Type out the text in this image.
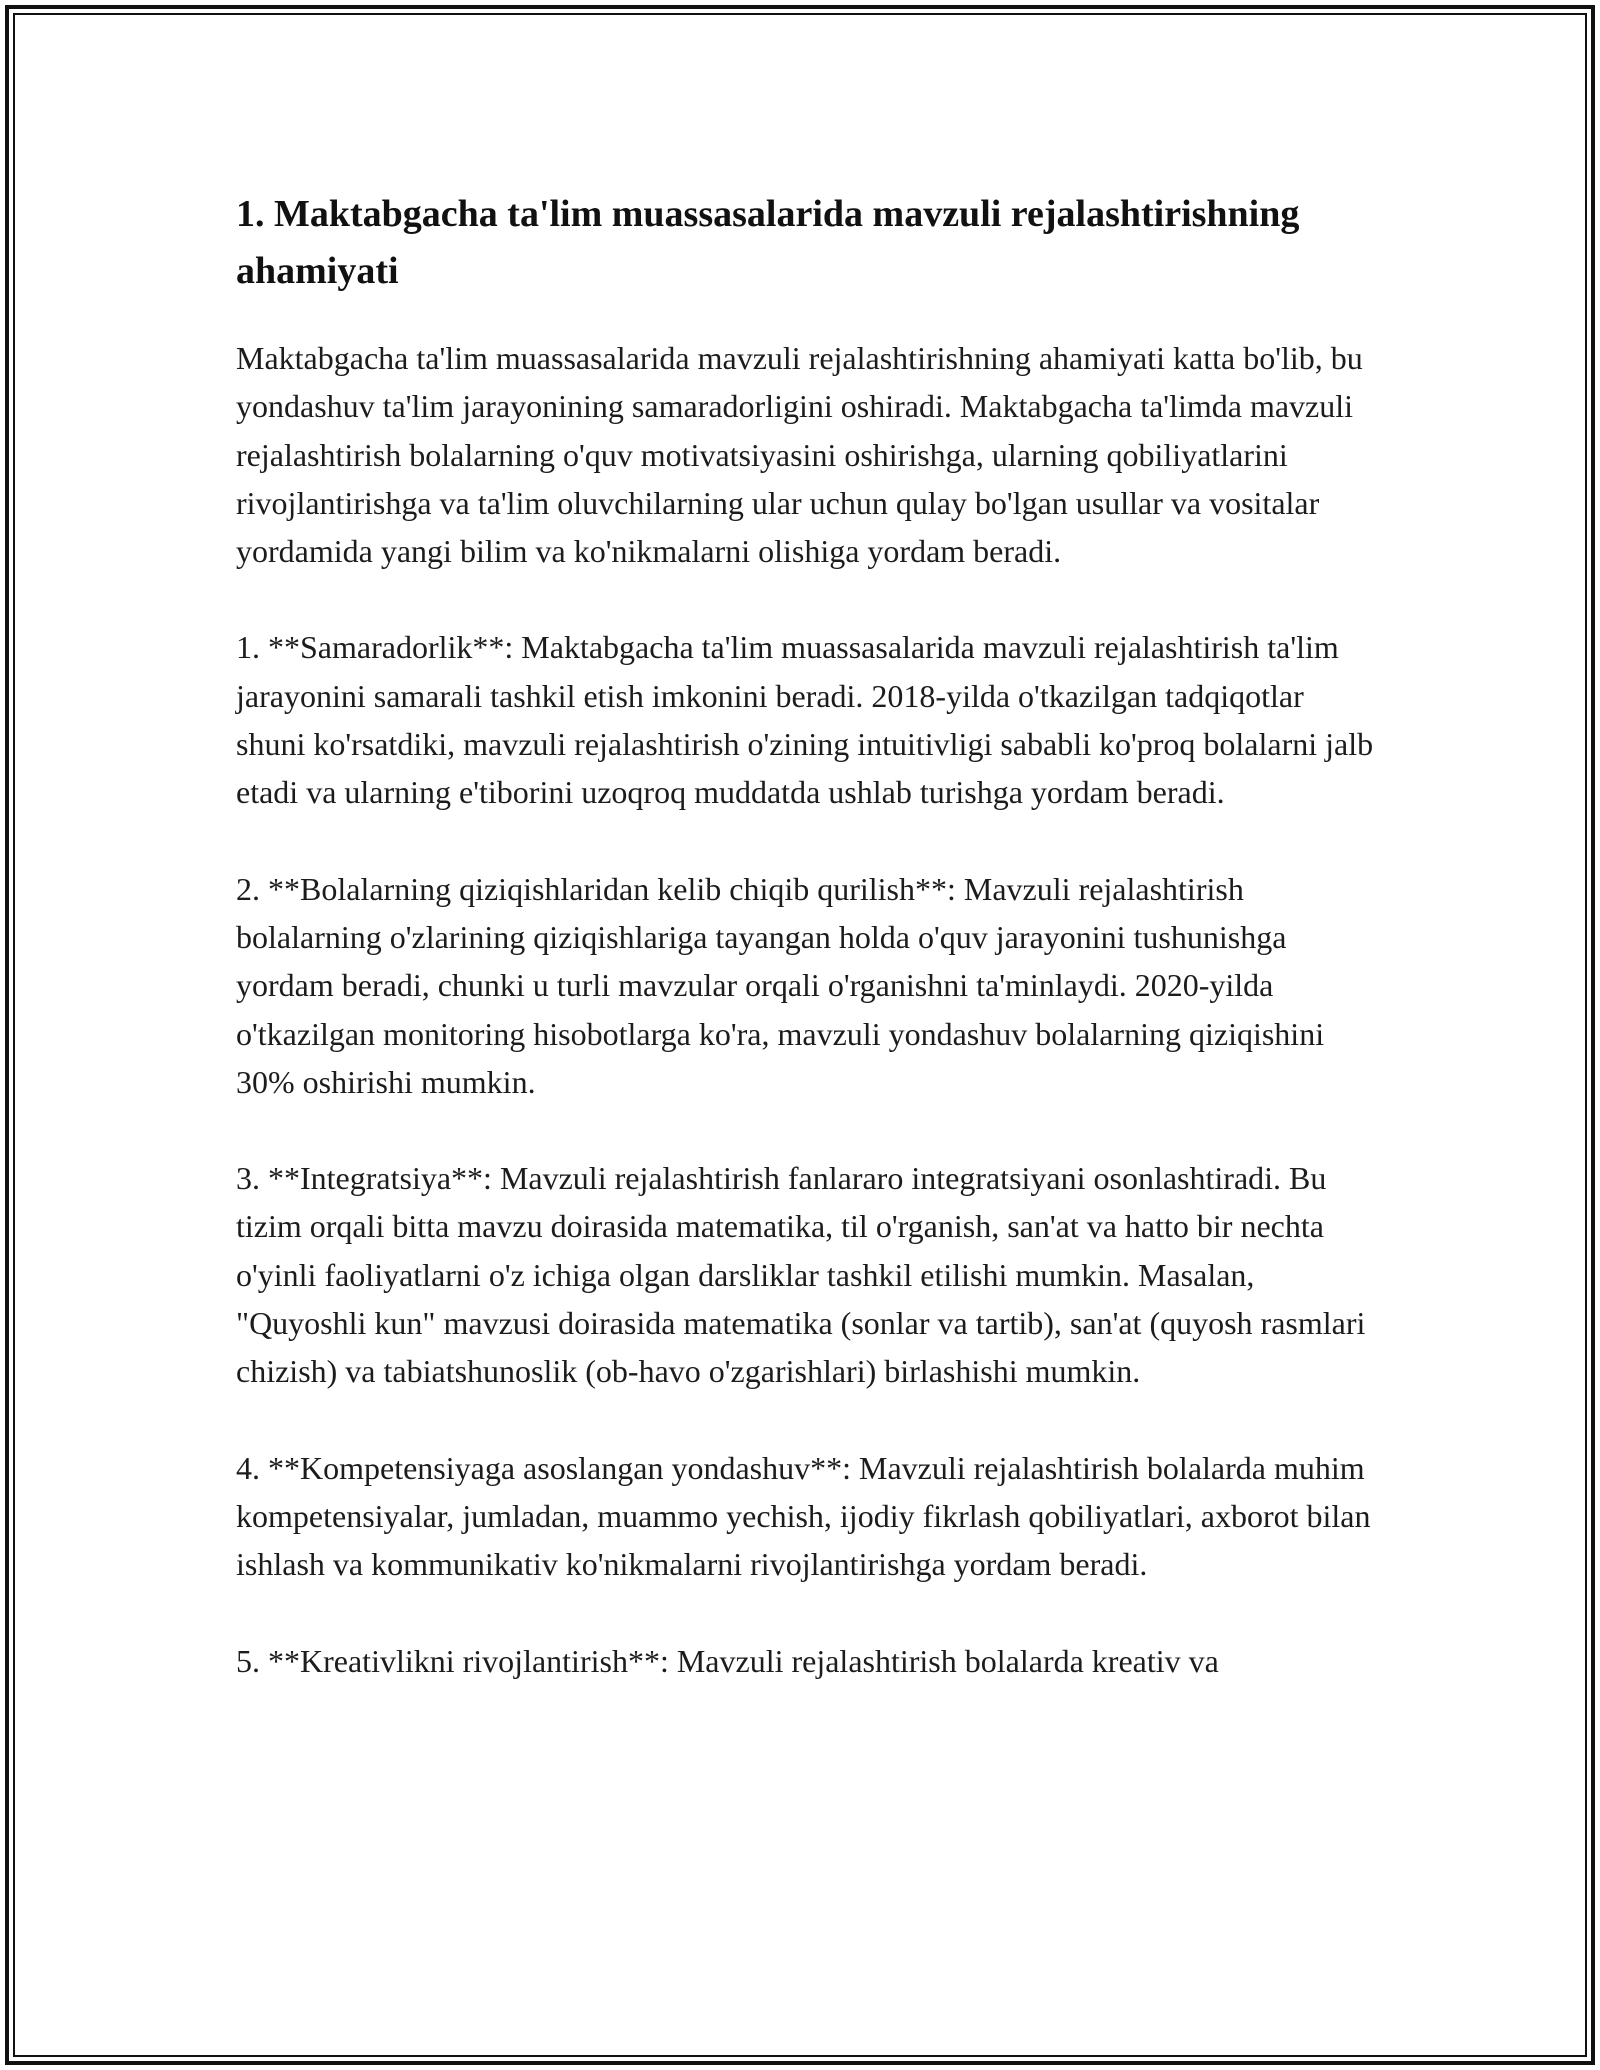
1. Maktabgacha ta'lim muassasalarida mavzuli rejalashtirishning ahamiyati

Maktabgacha ta'lim muassasalarida mavzuli rejalashtirishning ahamiyati katta bo'lib, bu yondashuv ta'lim jarayonining samaradorligini oshiradi. Maktabgacha ta'limda mavzuli rejalashtirish bolalarning o'quv motivatsiyasini oshirishga, ularning qobiliyatlarini rivojlantirishga va ta'lim oluvchilarning ular uchun qulay bo'lgan usullar va vositalar yordamida yangi bilim va ko'nikmalarni olishiga yordam beradi.

1. **Samaradorlik**: Maktabgacha ta'lim muassasalarida mavzuli rejalashtirish ta'lim jarayonini samarali tashkil etish imkonini beradi. 2018-yilda o'tkazilgan tadqiqotlar shuni ko'rsatdiki, mavzuli rejalashtirish o'zining intuitivligi sababli ko'proq bolalarni jalb etadi va ularning e'tiborini uzoqroq muddatda ushlab turishga yordam beradi.

2. **Bolalarning qiziqishlaridan kelib chiqib qurilish**: Mavzuli rejalashtirish bolalarning o'zlarining qiziqishlariga tayangan holda o'quv jarayonini tushunishga yordam beradi, chunki u turli mavzular orqali o'rganishni ta'minlaydi. 2020-yilda o'tkazilgan monitoring hisobotlarga ko'ra, mavzuli yondashuv bolalarning qiziqishini 30% oshirishi mumkin.

3. **Integratsiya**: Mavzuli rejalashtirish fanlararo integratsiyani osonlashtiradi. Bu tizim orqali bitta mavzu doirasida matematika, til o'rganish, san'at va hatto bir nechta o'yinli faoliyatlarni o'z ichiga olgan darsliklar tashkil etilishi mumkin. Masalan, "Quyoshli kun" mavzusi doirasida matematika (sonlar va tartib), san'at (quyosh rasmlari chizish) va tabiatshunoslik (ob-havo o'zgarishlari) birlashishi mumkin.

4. **Kompetensiyaga asoslangan yondashuv**: Mavzuli rejalashtirish bolalarda muhim kompetensiyalar, jumladan, muammo yechish, ijodiy fikrlash qobiliyatlari, axborot bilan ishlash va kommunikativ ko'nikmalarni rivojlantirishga yordam beradi.

5. **Kreativlikni rivojlantirish**: Mavzuli rejalashtirish bolalarda kreativ va
